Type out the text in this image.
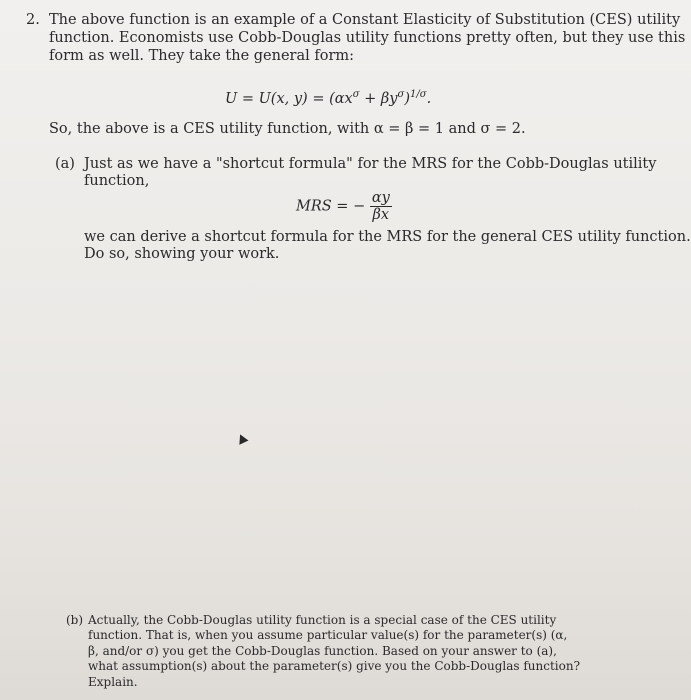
2. The above function is an example of a Constant Elasticity of Substitution (CES) utility
function. Economists use Cobb-Douglas utility functions pretty often, but they use this
form as well. They take the general form:
U = U(x, $y) = (\alpha x^\sigma + \beta y^\sigma)^{1/\sigma}$.
So, the above is a CES utility function, with α = β = 1 and σ = 2.
(a) Just as we have a "shortcut formula" for the MRS for the Cobb-Douglas utility
function,
MRS = − $\frac{\alpha y}{\beta x}$
we can derive a shortcut formula for the MRS for the general CES utility function.
Do so, showing your work.
(b) Actually, the Cobb-Douglas utility function is a special case of the CES utility
function. That is, when you assume particular value(s) for the parameter(s) (α,
β, and/or σ) you get the Cobb-Douglas function. Based on your answer to (a),
what assumption(s) about the parameter(s) give you the Cobb-Douglas function?
Explain.
